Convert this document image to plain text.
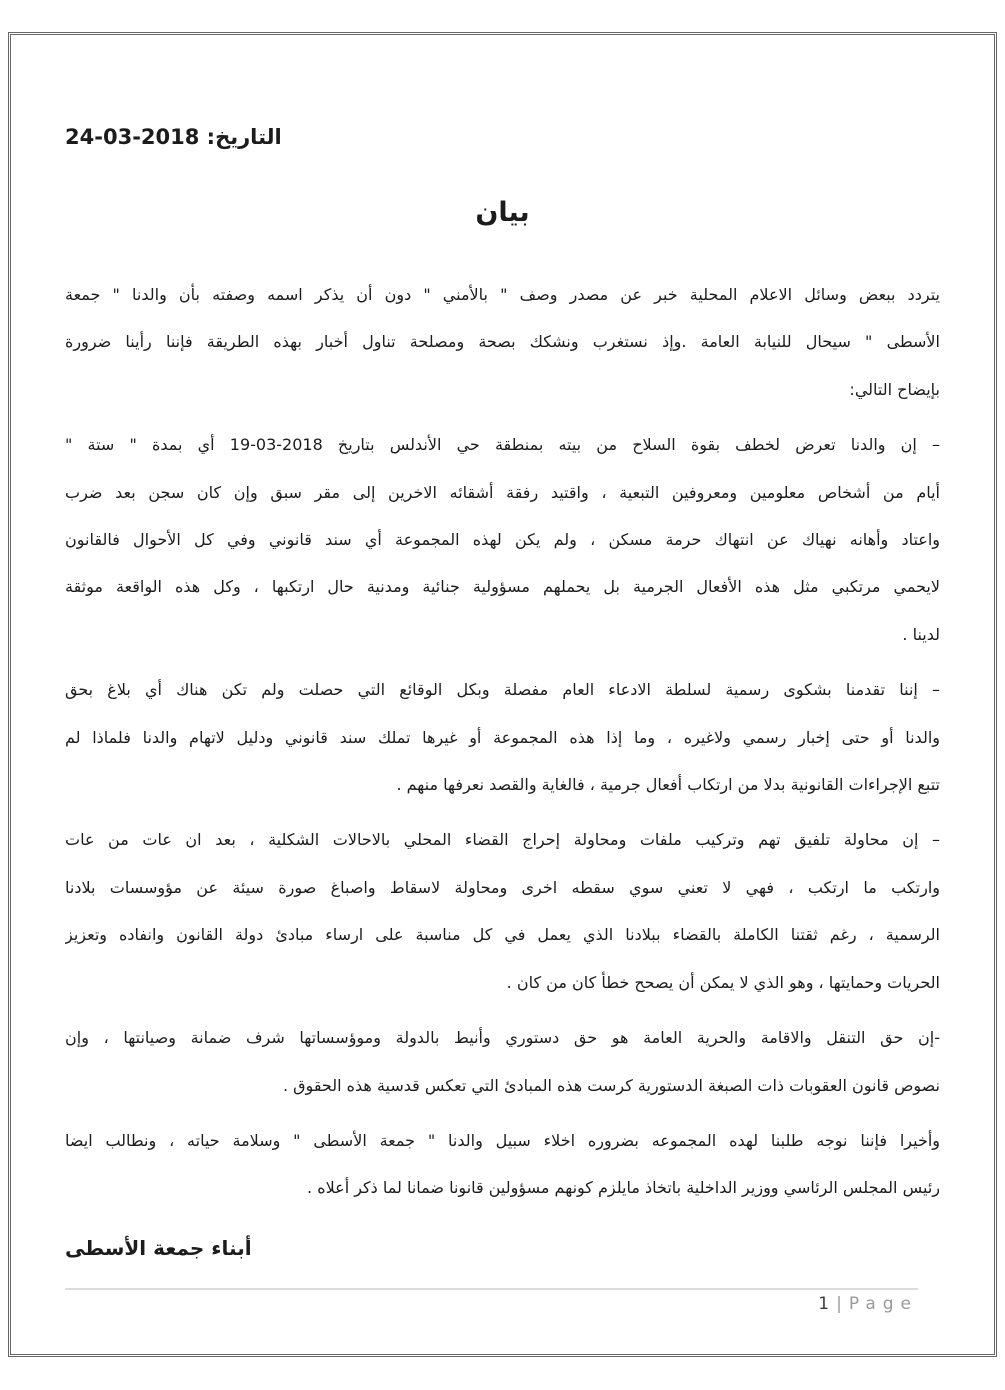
التاريخ: 2018-03-24
بيان
يتردد ببعض وسائل الاعلام المحلية خبر عن مصدر وصف " بالأمني " دون أن يذكر اسمه وصفته بأن والدنا " جمعة
الأسطى " سيحال للنيابة العامة .وإذ نستغرب ونشكك بصحة ومصلحة تناول أخبار بهذه الطريقة فإننا رأينا ضرورة
بإيضاح التالي:
– إن والدنا تعرض لخطف بقوة السلاح من بيته بمنطقة حي الأندلس بتاريخ 2018-03-19 أي بمدة " ستة "
أيام من أشخاص معلومين ومعروفين التبعية ، واقتيد رفقة أشقائه الاخرين إلى مقر سبق وإن كان سجن بعد ضرب
واعتاد وأهانه نهياك عن انتهاك حرمة مسكن ، ولم يكن لهذه المجموعة أي سند قانوني وفي كل الأحوال فالقانون
لايحمي مرتكبي مثل هذه الأفعال الجرمية بل يحملهم مسؤولية جنائية ومدنية حال ارتكبها ، وكل هذه الواقعة موثقة
لدينا .
– إننا تقدمنا بشكوى رسمية لسلطة الادعاء العام مفصلة وبكل الوقائع التي حصلت ولم تكن هناك أي بلاغ بحق
والدنا أو حتى إخبار رسمي ولاغيره ، وما إذا هذه المجموعة أو غيرها تملك سند قانوني ودليل لاتهام والدنا فلماذا لم
تتبع الإجراءات القانونية بدلا من ارتكاب أفعال جرمية ، فالغاية والقصد نعرفها منهم .
– إن محاولة تلفيق تهم وتركيب ملفات ومحاولة إحراج القضاء المحلي بالاحالات الشكلية ، بعد ان عات من عات
وارتكب ما ارتكب ، فهي لا تعني سوي سقطه اخرى ومحاولة لاسقاط واصباغ صورة سيئة عن مؤوسسات بلادنا
الرسمية ، رغم ثقتنا الكاملة بالقضاء ببلادنا الذي يعمل في كل مناسبة على ارساء مبادئ دولة القانون وانفاده وتعزيز
الحريات وحمايتها ، وهو الذي لا يمكن أن يصحح خطأ كان من كان .
-إن حق التنقل والاقامة والحرية العامة هو حق دستوري وأنيط بالدولة وموؤسساتها شرف ضمانة وصيانتها ، وإن
نصوص قانون العقوبات ذات الصبغة الدستورية كرست هذه المبادئ التي تعكس قدسية هذه الحقوق .
وأخيرا فإننا نوجه طلبنا لهده المجموعه بضروره اخلاء سبيل والدنا " جمعة الأسطى " وسلامة حياته ، ونطالب ايضا
رئيس المجلس الرئاسي ووزير الداخلية باتخاذ مايلزم كونهم مسؤولين قانونا ضمانا لما ذكر أعلاه .
أبناء جمعة الأسطى
1 | Page
